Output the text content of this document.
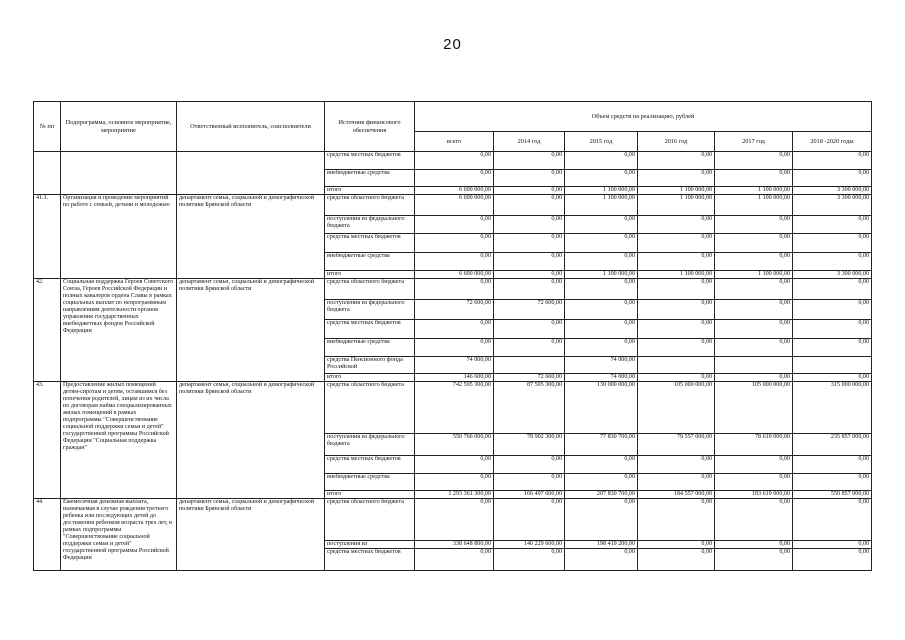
20
№ пп	Подпрограмма, основное мероприятие, мероприятие	Ответственный исполнитель, соисполнители	Источник финансового обеспечения	Объем средств на реализацию, рублей					
				всего	2014 год	2015 год	2016 год	2017 год	2018 -2020 годы
			средства местных бюджетов	0,00	0,00	0,00	0,00	0,00	0,00
			внебюджетные средства	0,00	0,00	0,00	0,00	0,00	0,00
			итого	6 600 000,00	0,00	1 100 000,00	1 100 000,00	1 100 000,00	3 300 000,00
41.1.	Организация и проведение мероприятий по работе с семьей, детьми и молодежью	департамент семьи, социальной и демографической политики Брянской области	средства областного бюджета	6 600 000,00	0,00	1 100 000,00	1 100 000,00	1 100 000,00	3 300 000,00
			поступления из федерального бюджета	0,00	0,00	0,00	0,00	0,00	0,00
			средства местных бюджетов	0,00	0,00	0,00	0,00	0,00	0,00
			внебюджетные средства	0,00	0,00	0,00	0,00	0,00	0,00
			итого	6 600 000,00	0,00	1 100 000,00	1 100 000,00	1 100 000,00	3 300 000,00
42.	Социальная поддержка Героев Советского Союза, Героев Российской Федерации и полных кавалеров ордена Славы в рамках социальных выплат по непрограммным направлениям деятельности органов управления государственных внебюджетных фондов Российской Федерации	департамент семьи, социальной и демографической политики Брянской области	средства областного бюджета	0,00	0,00	0,00	0,00	0,00	0,00
			поступления из федерального бюджета	72 600,00	72 600,00	0,00	0,00	0,00	0,00
			средства местных бюджетов	0,00	0,00	0,00	0,00	0,00	0,00
			внебюджетные средства	0,00	0,00	0,00	0,00	0,00	0,00
			средства Пенсионного фонда Российской	74 000,00		74 000,00			
			итого	146 600,00	72 600,00	74 000,00	0,00	0,00	0,00
43.	Предоставление жилых помещений детям-сиротам и детям, оставшимся без попечения родителей, лицам из их числа по договорам найма специализированных жилых помещений в рамках подпрограммы "Совершенствование социальной поддержки семьи и детей" государственной программы Российской Федерации "Социальная поддержка граждан"	департамент семьи, социальной и демографической политики Брянской области	средства областного бюджета	742 595 300,00	87 595 300,00	130 000 000,00	105 000 000,00	105 000 000,00	315 000 000,00
			поступления из федерального бюджета	550 766 000,00	78 902 300,00	77 830 700,00	79 557 000,00	78 619 000,00	235 857 000,00
			средства местных бюджетов	0,00	0,00	0,00	0,00	0,00	0,00
			внебюджетные средства	0,00	0,00	0,00	0,00	0,00	0,00
			итого	1 293 361 300,00	166 497 600,00	207 830 700,00	184 557 000,00	183 619 000,00	550 857 000,00
44.	Ежемесячная денежная выплата, назначаемая в случае рождения третьего ребенка или последующих детей до достижения ребенком возраста трех лет, в рамках подпрограммы "Совершенствование социальной поддержки семьи и детей" государственной программы Российской Федерации	департамент семьи, социальной и демографической политики Брянской области	средства областного бюджета	0,00	0,00	0,00	0,00	0,00	0,00
			поступления из	338 648 800,00	140 229 600,00	198 419 200,00	0,00	0,00	0,00
			средства местных бюджетов	0,00	0,00	0,00	0,00	0,00	0,00
